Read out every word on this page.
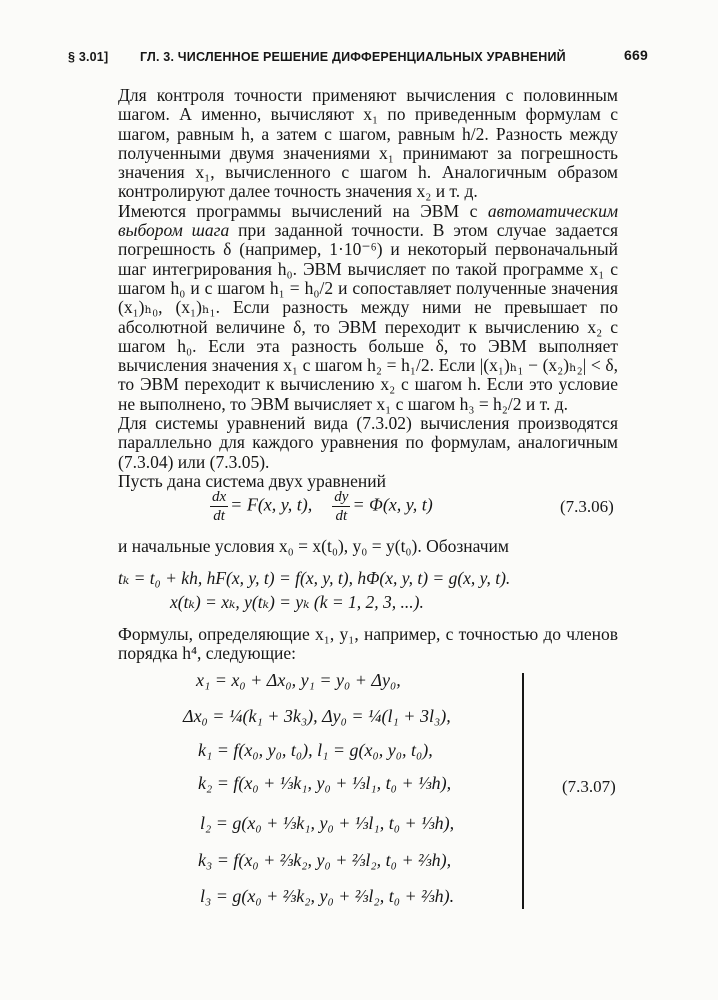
§ 3.01]	ГЛ. 3. ЧИСЛЕННОЕ РЕШЕНИЕ ДИФФЕРЕНЦИАЛЬНЫХ УРАВНЕНИЙ	669

Для контроля точности применяют вычисления с половинным шагом. А именно, вычисляют x₁ по приведенным формулам с шагом, равным h, а затем с шагом, равным h/2. Разность между полученными двумя значениями x₁ принимают за погрешность значения x₁, вычисленного с шагом h. Аналогичным образом контролируют далее точность значения x₂ и т. д.

Имеются программы вычислений на ЭВМ с автоматическим выбором шага при заданной точности. В этом случае задается погрешность δ (например, 1·10⁻⁶) и некоторый первоначальный шаг интегрирования h₀. ЭВМ вычисляет по такой программе x₁ с шагом h₀ и с шагом h₁ = h₀/2 и сопоставляет полученные значения (x₁)ₕ₀, (x₁)ₕ₁. Если разность между ними не превышает по абсолютной величине δ, то ЭВМ переходит к вычислению x₂ с шагом h₀. Если эта разность больше δ, то ЭВМ выполняет вычисления значения x₁ с шагом h₂ = h₁/2. Если |(x₁)ₕ₁ − (x₂)ₕ₂| < δ, то ЭВМ переходит к вычислению x₂ с шагом h. Если это условие не выполнено, то ЭВМ вычисляет x₁ с шагом h₃ = h₂/2 и т. д.

Для системы уравнений вида (7.3.02) вычисления производятся параллельно для каждого уравнения по формулам, аналогичным (7.3.04) или (7.3.05).

Пусть дана система двух уравнений

$\frac{dx}{dt} = F(x$, y, t), $\frac{dy}{dt} = \Phi(x$, y, t)	(7.3.06)

и начальные условия x₀ = x(t₀), y₀ = y(t₀). Обозначим

tₖ = t₀ + kh, hF(x, y, t) = f(x, y, t), hΦ(x, y, t) = g(x, y, t).
x(tₖ) = xₖ, y(tₖ) = yₖ (k = 1, 2, 3, ...).

Формулы, определяющие x₁, y₁, например, с точностью до членов порядка h⁴, следующие:

x₁ = x₀ + Δx₀, y₁ = y₀ + Δy₀,
Δx₀ = ¼(k₁ + 3k₃), Δy₀ = ¼(l₁ + 3l₃),
k₁ = f(x₀, y₀, t₀), l₁ = g(x₀, y₀, t₀),
k₂ = f(x₀ + ⅓k₁, y₀ + ⅓l₁, t₀ + ⅓h),
l₂ = g(x₀ + ⅓k₁, y₀ + ⅓l₁, t₀ + ⅓h),
k₃ = f(x₀ + ⅔k₂, y₀ + ⅔l₂, t₀ + ⅔h),
l₃ = g(x₀ + ⅔k₂, y₀ + ⅔l₂, t₀ + ⅔h).
(7.3.07)
